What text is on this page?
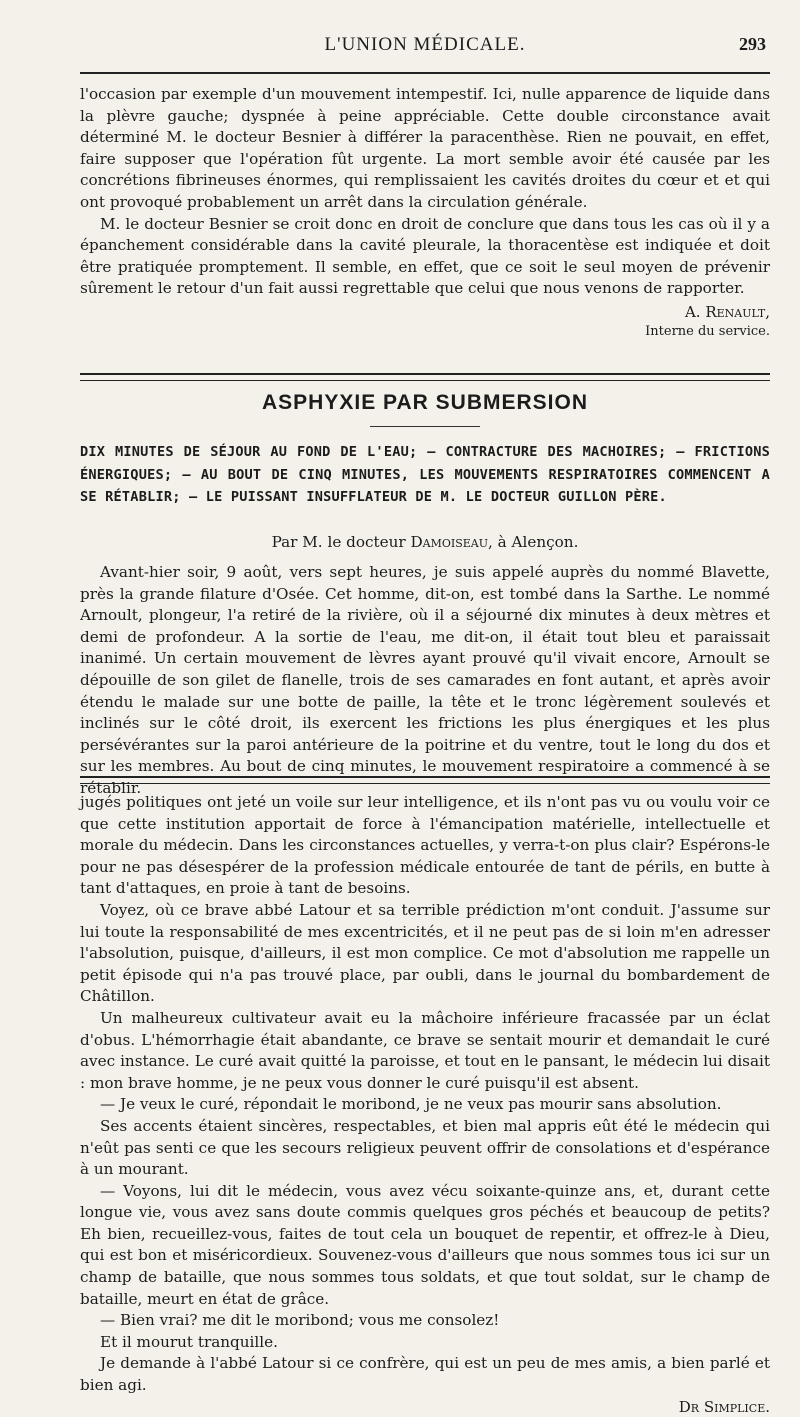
L'UNION MÉDICALE.	293

l'occasion par exemple d'un mouvement intempestif. Ici, nulle apparence de liquide dans la plèvre gauche; dyspnée à peine appréciable. Cette double circonstance avait déterminé M. le docteur Besnier à différer la paracenthèse. Rien ne pouvait, en effet, faire supposer que l'opération fût urgente. La mort semble avoir été causée par les concrétions fibrineuses énormes, qui remplissaient les cavités droites du cœur et et qui ont provoqué probablement un arrêt dans la circulation générale.

M. le docteur Besnier se croit donc en droit de conclure que dans tous les cas où il y a épanchement considérable dans la cavité pleurale, la thoracentèse est indiquée et doit être pratiquée promptement. Il semble, en effet, que ce soit le seul moyen de prévenir sûrement le retour d'un fait aussi regrettable que celui que nous venons de rapporter.

A. Renault,
Interne du service.
ASPHYXIE PAR SUBMERSION
DIX MINUTES DE SÉJOUR AU FOND DE L'EAU; — CONTRACTURE DES MACHOIRES; — FRICTIONS ÉNERGIQUES; — AU BOUT DE CINQ MINUTES, LES MOUVEMENTS RESPIRATOIRES COMMENCENT A SE RÉTABLIR; — LE PUISSANT INSUFFLATEUR DE M. LE DOCTEUR GUILLON PÈRE.
Par M. le docteur Damoiseau, à Alençon.

Avant-hier soir, 9 août, vers sept heures, je suis appelé auprès du nommé Blavette, près la grande filature d'Osée. Cet homme, dit-on, est tombé dans la Sarthe. Le nommé Arnoult, plongeur, l'a retiré de la rivière, où il a séjourné dix minutes à deux mètres et demi de profondeur. A la sortie de l'eau, me dit-on, il était tout bleu et paraissait inanimé. Un certain mouvement de lèvres ayant prouvé qu'il vivait encore, Arnoult se dépouille de son gilet de flanelle, trois de ses camarades en font autant, et après avoir étendu le malade sur une botte de paille, la tête et le tronc légèrement soulevés et inclinés sur le côté droit, ils exercent les frictions les plus énergiques et les plus persévérantes sur la paroi antérieure de la poitrine et du ventre, tout le long du dos et sur les membres. Au bout de cinq minutes, le mouvement respiratoire a commencé à se rétablir.

jugés politiques ont jeté un voile sur leur intelligence, et ils n'ont pas vu ou voulu voir ce que cette institution apportait de force à l'émancipation matérielle, intellectuelle et morale du médecin. Dans les circonstances actuelles, y verra-t-on plus clair? Espérons-le pour ne pas désespérer de la profession médicale entourée de tant de périls, en butte à tant d'attaques, en proie à tant de besoins.

Voyez, où ce brave abbé Latour et sa terrible prédiction m'ont conduit. J'assume sur lui toute la responsabilité de mes excentricités, et il ne peut pas de si loin m'en adresser l'absolution, puisque, d'ailleurs, il est mon complice. Ce mot d'absolution me rappelle un petit épisode qui n'a pas trouvé place, par oubli, dans le journal du bombardement de Châtillon.

Un malheureux cultivateur avait eu la mâchoire inférieure fracassée par un éclat d'obus. L'hémorrhagie était abandante, ce brave se sentait mourir et demandait le curé avec instance. Le curé avait quitté la paroisse, et tout en le pansant, le médecin lui disait : mon brave homme, je ne peux vous donner le curé puisqu'il est absent.

— Je veux le curé, répondait le moribond, je ne veux pas mourir sans absolution.

Ses accents étaient sincères, respectables, et bien mal appris eût été le médecin qui n'eût pas senti ce que les secours religieux peuvent offrir de consolations et d'espérance à un mourant.

— Voyons, lui dit le médecin, vous avez vécu soixante-quinze ans, et, durant cette longue vie, vous avez sans doute commis quelques gros péchés et beaucoup de petits? Eh bien, recueillez-vous, faites de tout cela un bouquet de repentir, et offrez-le à Dieu, qui est bon et miséricordieux. Souvenez-vous d'ailleurs que nous sommes tous ici sur un champ de bataille, que nous sommes tous soldats, et que tout soldat, sur le champ de bataille, meurt en état de grâce.

— Bien vrai? me dit le moribond; vous me consolez!

Et il mourut tranquille.

Je demande à l'abbé Latour si ce confrère, qui est un peu de mes amis, a bien parlé et bien agi.

Dr Simplice.
